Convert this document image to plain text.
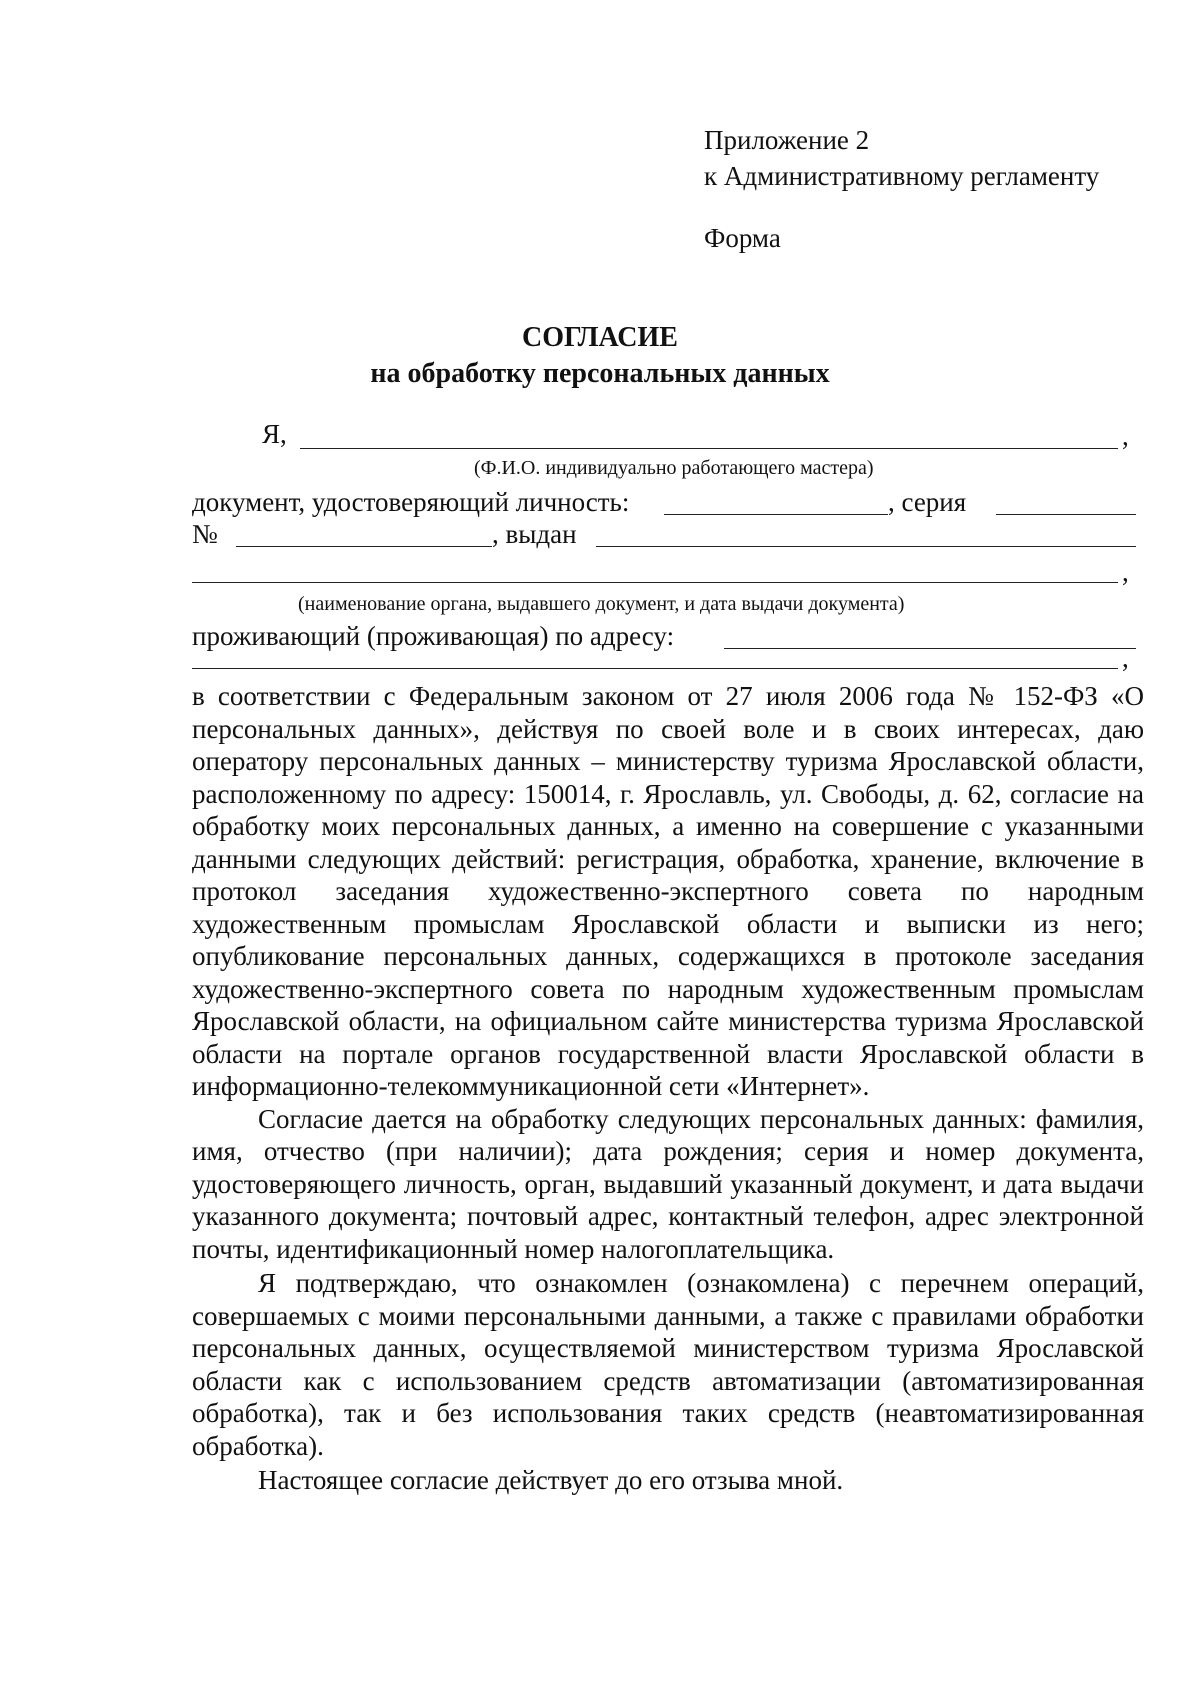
Приложение 2
к Административному регламенту
Форма
СОГЛАСИЕ
на обработку персональных данных
Я,	,
(Ф.И.О. индивидуально работающего мастера)
документ, удостоверяющий личность:	, серия
№	, выдан
,
(наименование органа, выдавшего документ, и дата выдачи документа)
проживающий (проживающая) по адресу:
,

в соответствии с Федеральным законом от 27 июля 2006 года № 152-ФЗ «О персональных данных», действуя по своей воле и в своих интересах, даю оператору персональных данных – министерству туризма Ярославской области, расположенному по адресу: 150014, г. Ярославль, ул. Свободы, д. 62, согласие на обработку моих персональных данных, а именно на совершение с указанными данными следующих действий: регистрация, обработка, хранение, включение в протокол заседания художественно-экспертного совета по народным художественным промыслам Ярославской области и выписки из него; опубликование персональных данных, содержащихся в протоколе заседания художественно-экспертного совета по народным художественным промыслам Ярославской области, на официальном сайте министерства туризма Ярославской области на портале органов государственной власти Ярославской области в информационно-телекоммуникационной сети «Интернет».

Согласие дается на обработку следующих персональных данных: фамилия, имя, отчество (при наличии); дата рождения; серия и номер документа, удостоверяющего личность, орган, выдавший указанный документ, и дата выдачи указанного документа; почтовый адрес, контактный телефон, адрес электронной почты, идентификационный номер налогоплательщика.

Я подтверждаю, что ознакомлен (ознакомлена) с перечнем операций, совершаемых с моими персональными данными, а также с правилами обработки персональных данных, осуществляемой министерством туризма Ярославской области как с использованием средств автоматизации (автоматизированная обработка), так и без использования таких средств (неавтоматизированная обработка).

Настоящее согласие действует до его отзыва мной.
